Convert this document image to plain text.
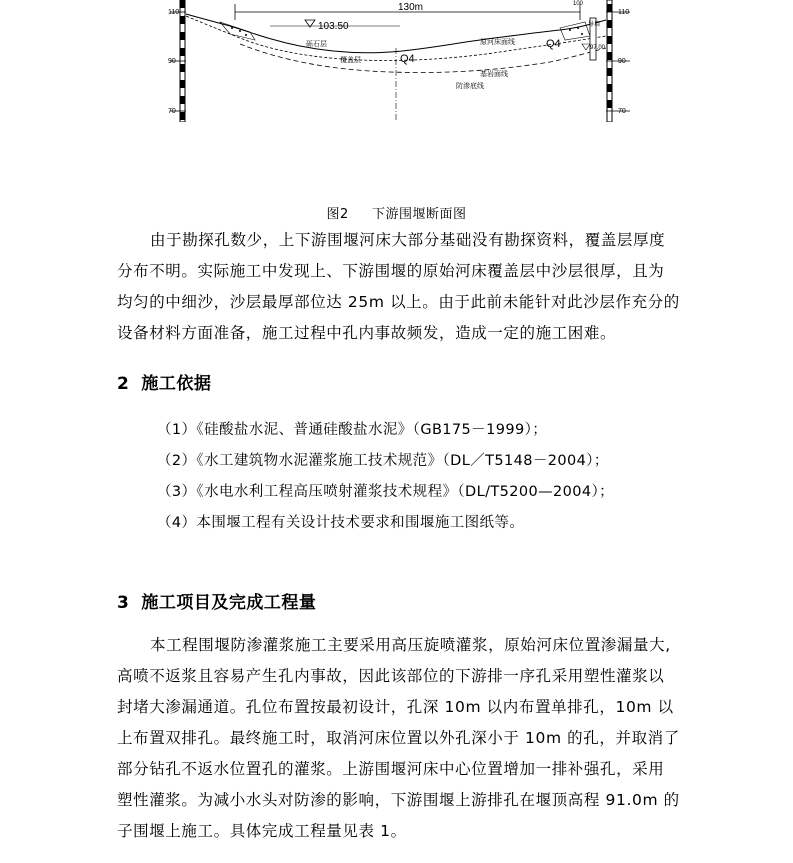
110
90
70
110
90
70
130m	100
103.50	导墙
97.00
砾石层
覆盖层	Q4
Q4
原河床面线
基岩面线
防渗底线
图2 下游围堰断面图

由于勘探孔数少，上下游围堰河床大部分基础没有勘探资料，覆盖层厚度
分布不明。实际施工中发现上、下游围堰的原始河床覆盖层中沙层很厚，且为
均匀的中细沙，沙层最厚部位达 25m 以上。由于此前未能针对此沙层作充分的
设备材料方面准备，施工过程中孔内事故频发，造成一定的施工困难。

2 施工依据

（1）《硅酸盐水泥、普通硅酸盐水泥》（GB175－1999）；

（2）《水工建筑物水泥灌浆施工技术规范》（DL／T5148－2004）；

（3）《水电水利工程高压喷射灌浆技术规程》（DL/T5200—2004）；

（4）本围堰工程有关设计技术要求和围堰施工图纸等。

3 施工项目及完成工程量

本工程围堰防渗灌浆施工主要采用高压旋喷灌浆，原始河床位置渗漏量大,
高喷不返浆且容易产生孔内事故，因此该部位的下游排一序孔采用塑性灌浆以
封堵大渗漏通道。孔位布置按最初设计，孔深 10m 以内布置单排孔，10m 以
上布置双排孔。最终施工时，取消河床位置以外孔深小于 10m 的孔，并取消了
部分钻孔不返水位置孔的灌浆。上游围堰河床中心位置增加一排补强孔，采用
塑性灌浆。为减小水头对防渗的影响，下游围堰上游排孔在堰顶高程 91.0m 的
子围堰上施工。具体完成工程量见表 1。
